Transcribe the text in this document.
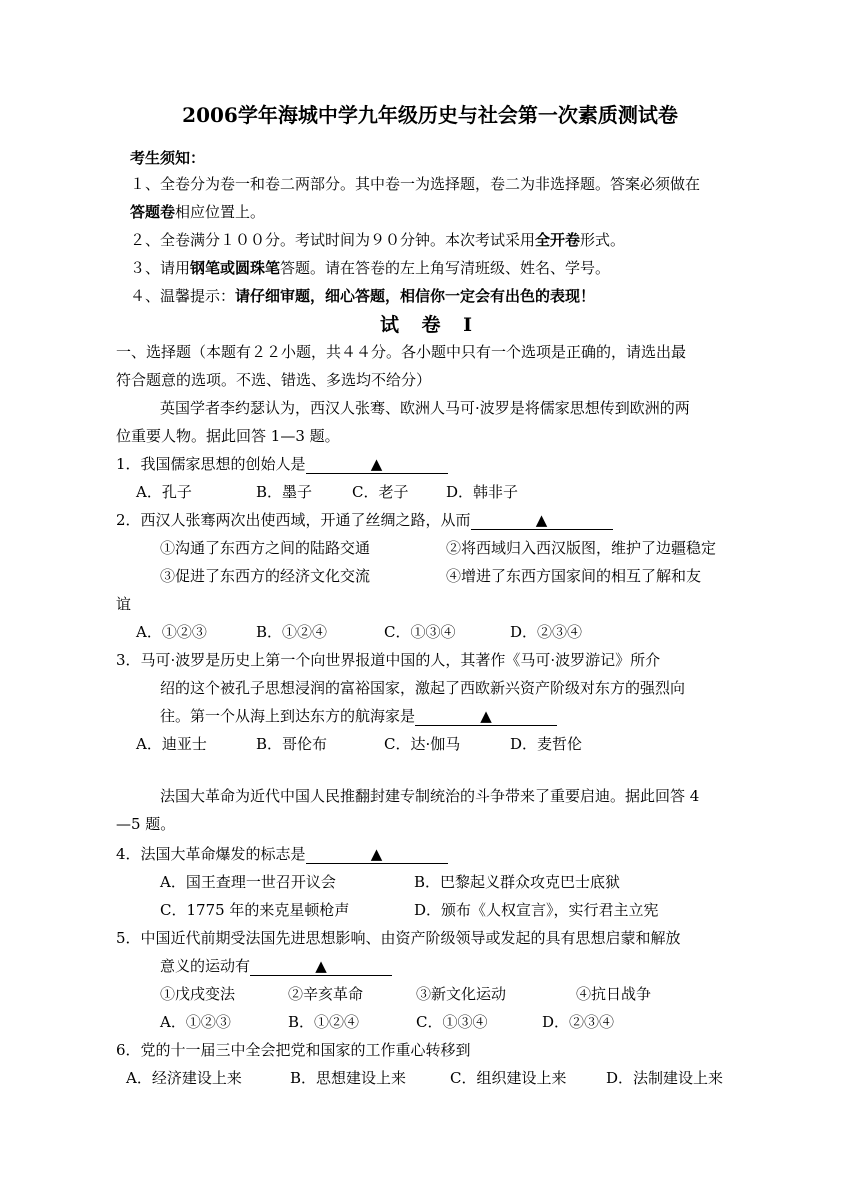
2006学年海城中学九年级历史与社会第一次素质测试卷
考生须知：
１、全卷分为卷一和卷二两部分。其中卷一为选择题，卷二为非选择题。答案必须做在
答题卷相应位置上。
２、全卷满分１００分。考试时间为９０分钟。本次考试采用全开卷形式。
３、请用钢笔或圆珠笔答题。请在答卷的左上角写清班级、姓名、学号。
４、温馨提示：请仔细审题，细心答题，相信你一定会有出色的表现！
试 卷 Ⅰ
一、选择题（本题有２２小题，共４４分。各小题中只有一个选项是正确的，请选出最
符合题意的选项。不选、错选、多选均不给分）
英国学者李约瑟认为，西汉人张骞、欧洲人马可·波罗是将儒家思想传到欧洲的两
位重要人物。据此回答 1—3 题。
1．我国儒家思想的创始人是	▲
A．孔子	B．墨子	C．老子	D．韩非子
2．西汉人张骞两次出使西域，开通了丝绸之路，从而	▲
①沟通了东西方之间的陆路交通	②将西域归入西汉版图，维护了边疆稳定
③促进了东西方的经济文化交流	④增进了东西方国家间的相互了解和友
谊
A．①②③	B．①②④	C．①③④	D．②③④
3．马可·波罗是历史上第一个向世界报道中国的人，其著作《马可·波罗游记》所介
绍的这个被孔子思想浸润的富裕国家，激起了西欧新兴资产阶级对东方的强烈向
往。第一个从海上到达东方的航海家是	▲
A．迪亚士	B．哥伦布	C．达·伽马	D．麦哲伦
法国大革命为近代中国人民推翻封建专制统治的斗争带来了重要启迪。据此回答 4
—5 题。
4．法国大革命爆发的标志是	▲
A．国王查理一世召开议会	B．巴黎起义群众攻克巴士底狱
C．1775 年的来克星顿枪声	D．颁布《人权宣言》，实行君主立宪
5．中国近代前期受法国先进思想影响、由资产阶级领导或发起的具有思想启蒙和解放
意义的运动有	▲
①戊戌变法	②辛亥革命	③新文化运动	④抗日战争
A．①②③	B．①②④	C．①③④	D．②③④
6．党的十一届三中全会把党和国家的工作重心转移到
A．经济建设上来	B．思想建设上来	C．组织建设上来	D．法制建设上来
